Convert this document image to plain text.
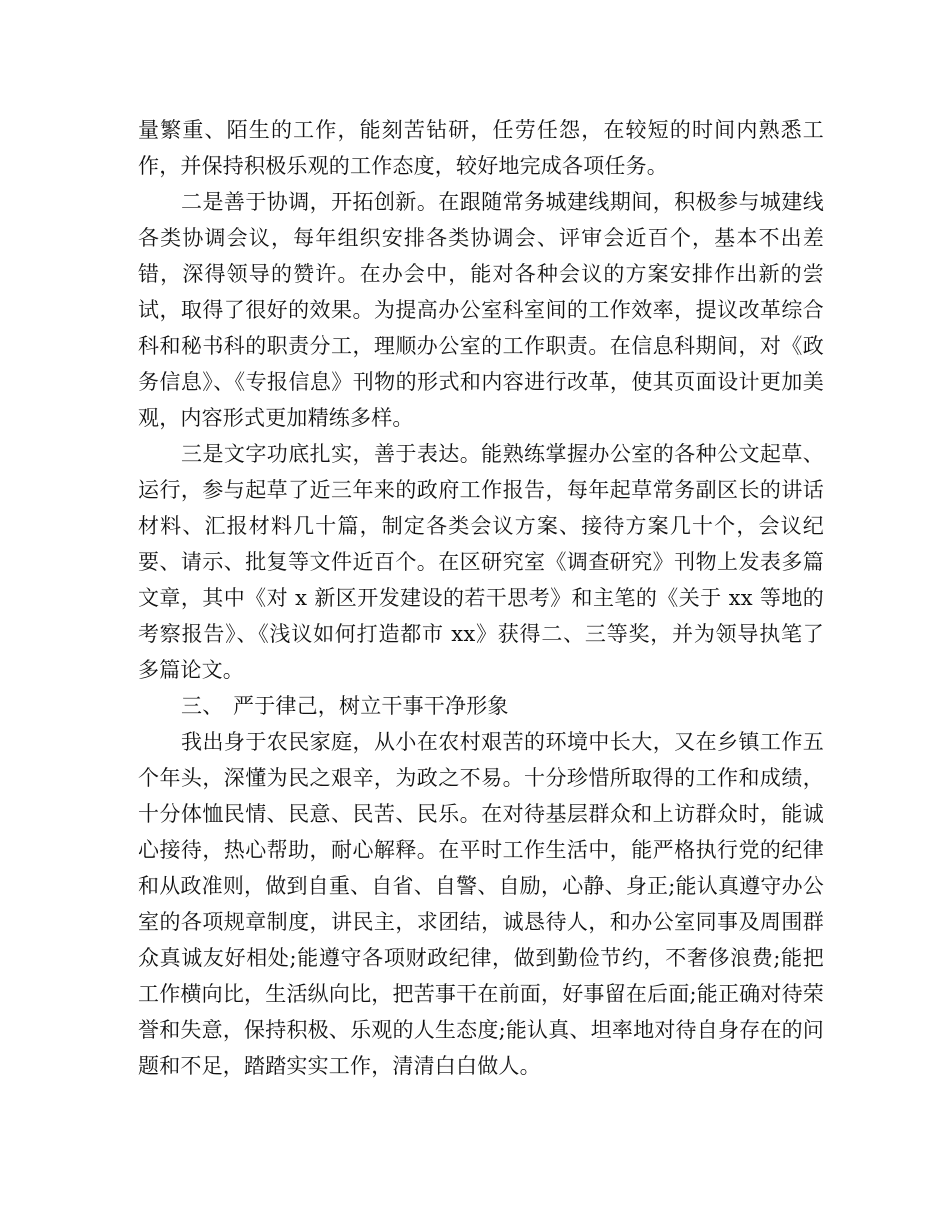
量繁重、陌生的工作，能刻苦钻研，任劳任怨，在较短的时间内熟悉工作，并保持积极乐观的工作态度，较好地完成各项任务。

二是善于协调，开拓创新。在跟随常务城建线期间，积极参与城建线各类协调会议，每年组织安排各类协调会、评审会近百个，基本不出差错，深得领导的赞许。在办会中，能对各种会议的方案安排作出新的尝试，取得了很好的效果。为提高办公室科室间的工作效率，提议改革综合科和秘书科的职责分工，理顺办公室的工作职责。在信息科期间，对《政务信息》、《专报信息》刊物的形式和内容进行改革，使其页面设计更加美观，内容形式更加精练多样。

三是文字功底扎实，善于表达。能熟练掌握办公室的各种公文起草、运行，参与起草了近三年来的政府工作报告，每年起草常务副区长的讲话材料、汇报材料几十篇，制定各类会议方案、接待方案几十个，会议纪要、请示、批复等文件近百个。在区研究室《调查研究》刊物上发表多篇文章，其中《对 x 新区开发建设的若干思考》和主笔的《关于 xx 等地的考察报告》、《浅议如何打造都市 xx》获得二、三等奖，并为领导执笔了多篇论文。

三、 严于律己，树立干事干净形象

我出身于农民家庭，从小在农村艰苦的环境中长大，又在乡镇工作五个年头，深懂为民之艰辛，为政之不易。十分珍惜所取得的工作和成绩，十分体恤民情、民意、民苦、民乐。在对待基层群众和上访群众时，能诚心接待，热心帮助，耐心解释。在平时工作生活中，能严格执行党的纪律和从政准则，做到自重、自省、自警、自励，心静、身正;能认真遵守办公室的各项规章制度，讲民主，求团结，诚恳待人，和办公室同事及周围群众真诚友好相处;能遵守各项财政纪律，做到勤俭节约，不奢侈浪费;能把工作横向比，生活纵向比，把苦事干在前面，好事留在后面;能正确对待荣誉和失意，保持积极、乐观的人生态度;能认真、坦率地对待自身存在的问题和不足，踏踏实实工作，清清白白做人。
